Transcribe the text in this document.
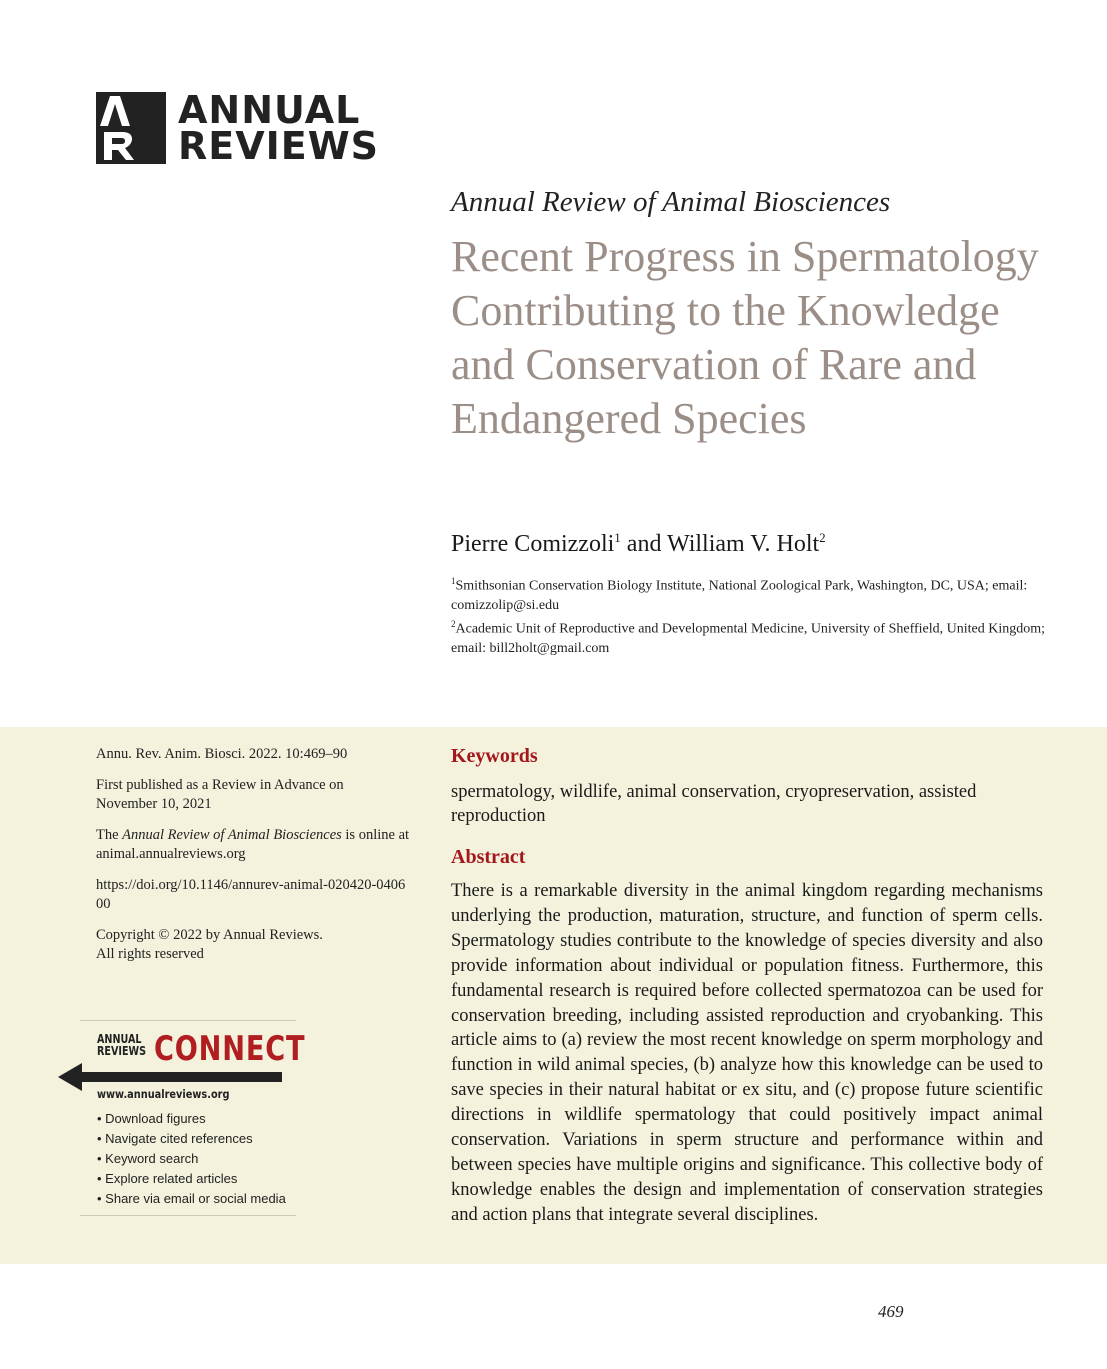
ANNUAL
REVIEWS
Annual Review of Animal Biosciences
Recent Progress in Spermatology Contributing to the Knowledge and Conservation of Rare and Endangered Species
Pierre Comizzoli$^1$ and William V. Holt$^2$
$^1$Smithsonian Conservation Biology Institute, National Zoological Park, Washington, DC, USA; email: comizzolip@si.edu
$^2$Academic Unit of Reproductive and Developmental Medicine, University of Sheffield, United Kingdom; email: bill2holt@gmail.com
Annu. Rev. Anim. Biosci. 2022. 10:469–90
First published as a Review in Advance on November 10, 2021
The Annual Review of Animal Biosciences is online at animal.annualreviews.org
https://doi.org/10.1146/annurev-animal-020420-040600
Copyright © 2022 by Annual Reviews.
All rights reserved
ANNUAL
REVIEWS CONNECT
www.annualreviews.org
• Download figures
• Navigate cited references
• Keyword search
• Explore related articles
• Share via email or social media
Keywords
spermatology, wildlife, animal conservation, cryopreservation, assisted reproduction
Abstract
There is a remarkable diversity in the animal kingdom regarding mechanisms underlying the production, maturation, structure, and function of sperm cells. Spermatology studies contribute to the knowledge of species diversity and also provide information about individual or population fitness. Furthermore, this fundamental research is required before collected spermatozoa can be used for conservation breeding, including assisted reproduction and cryobanking. This article aims to (a) review the most recent knowledge on sperm morphology and function in wild animal species, (b) analyze how this knowledge can be used to save species in their natural habitat or ex situ, and (c) propose future scientific directions in wildlife spermatology that could positively impact animal conservation. Variations in sperm structure and performance within and between species have multiple origins and significance. This collective body of knowledge enables the design and implementation of conservation strategies and action plans that integrate several disciplines.
469
